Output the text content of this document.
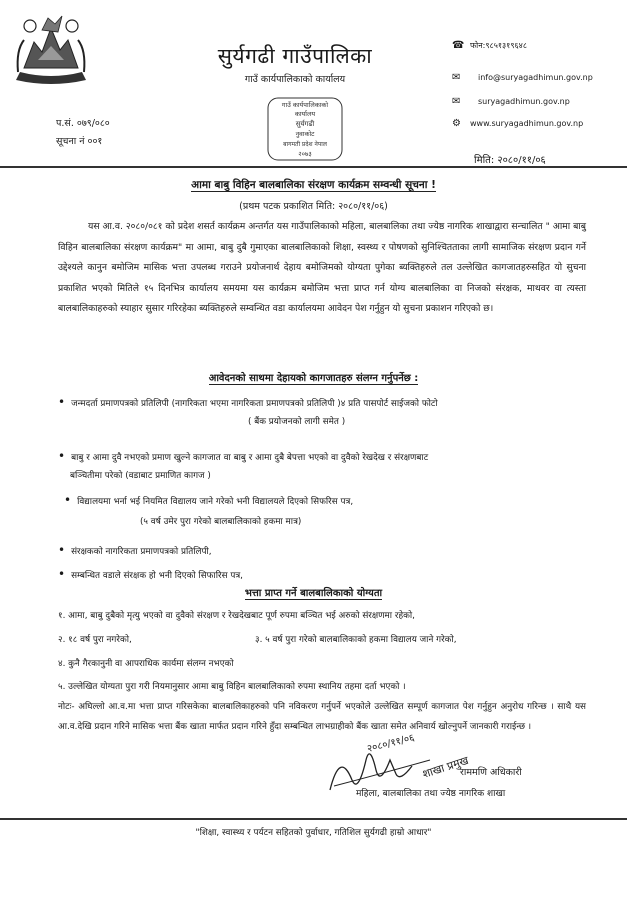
सुर्यगढी गाउँपालिका
गाउँ कार्यपालिकाको कार्यालय
☎ फोन:९८५१३१९६४८
✉ info@suryagadhimun.gov.np
✉ suryagadhimun.gov.np
⚙ www.suryagadhimun.gov.np
प.सं. ०७९/०८०
सूचना नं ००१
गाउँ कार्यपालिकाको
कार्यालय
सुर्यगढी
नुवाकोट
बागमती प्रदेश नेपाल
२०७३
मिति: २०८०/११/०६
आमा बाबु विहिन बालबालिका संरक्षण कार्यक्रम सम्वन्धी सूचना !
(प्रथम पटक प्रकाशित मिति: २०८०/११/०६)

यस आ.व. २०८०/०८१ को प्रदेश शसर्त कार्यक्रम अन्तर्गत यस गाउँपालिकाको महिला, बालबालिका तथा ज्येष्ठ नागरिक शाखाद्वारा सन्चालित " आमा बाबु विहिन बालबालिका संरक्षण कार्यक्रम" मा आमा, बाबु दुबै गुमाएका बालबालिकाको शिक्षा, स्वस्थ्य र पोषणको सुनिश्चितताका लागी सामाजिक संरक्षण प्रदान गर्ने उद्देश्यले कानुन बमोजिम मासिक भत्ता उपलब्ध गराउने प्रयोजनार्थ देहाय बमोजिमको योग्यता पुगेका ब्यक्तिहरुले तल उल्लेखित कागजातहरुसहित यो सुचना प्रकाशित भएको मितिले १५ दिनभित्र कार्यालय समयमा यस कार्यक्रम बमोजिम भत्ता प्राप्त गर्न योग्य बालबालिका वा निजको संरक्षक, माथवर वा त्यस्ता बालबालिकाहरुको स्याहार सुसार गरिरहेका ब्यक्तिहरुले सम्वन्धित वडा कार्यालयमा आवेदन पेश गर्नुहुन यो सुचना प्रकाशन गरिएको छ।

आवेदनको साथमा देहायको कागजातहरु संलग्न गर्नुपर्नेछ :
• जन्मदर्ता प्रमाणपत्रको प्रतिलिपी (नागरिकता भएमा नागरिकता प्रमाणपत्रको प्रतिलिपी )४ प्रति पासपोर्ट साईजको फोटो
( बैंक प्रयोजनको लागी समेत )
• बाबु र आमा दुवै नभएको प्रमाण खुल्ने कागजात वा बाबु र आमा दुबै बेपत्ता भएको वा दुवैको रेखदेख र संरक्षणबाट
बञ्चितीमा परेको (वडाबाट प्रमाणित कागज )
• विद्यालयमा भर्ना भई नियमित विद्यालय जाने गरेको भनी विद्यालयले दिएको सिफरिस पत्र,
(५ वर्ष उमेर पुरा गरेको बालबालिकाको हकमा मात्र)
• संरक्षकको नागरिकता प्रमाणपत्रको प्रतिलिपी,
• सम्बन्धित वडाले संरक्षक हो भनी दिएको सिफारिस पत्र,
भत्ता प्राप्त गर्ने बालबालिकाको योग्यता
१. आमा, बाबु दुबैको मृत्यु भएको वा दुवैको संरक्षण र रेखदेखबाट पूर्ण रुपमा बञ्चित भई अरुको संरक्षणमा रहेको,
२. १८ वर्ष पुरा नगरेको,	३. ५ वर्ष पुरा गरेको बालबालिकाको हकमा विद्यालय जाने गरेको,
४. कुनै गैरकानुनी वा आपराधिक कार्यमा संलग्न नभएको
५. उल्लेखित योग्यता पुरा गरी नियमानुसार आमा बाबु विहिन बालबालिकाको रुपमा स्थानिय तहमा दर्ता भएको ।
नोटः- अघिल्लो आ.व.मा भत्ता प्राप्त गरिसकेका बालबालिकाहरुको पनि नविकरण गर्नुपर्ने भएकोले उल्लेखित सम्पूर्ण कागजात पेश गर्नुहुन अनुरोध गरिन्छ । साथै यस आ.व.देखि प्रदान गरिने मासिक भत्ता बैंक खाता मार्फत प्रदान गरिने हुँदा सम्बन्धित लाभग्राहीको बैंक खाता समेत अनिवार्य खोल्नुपर्ने जानकारी गराईन्छ ।
२०८०/११/०६
शाखा प्रमुख
राममणि अधिकारी
महिला, बालबालिका तथा ज्येष्ठ नागरिक शाखा
"शिक्षा, स्वास्थ्य र पर्यटन सहितको पुर्वाधार, गतिशिल सुर्यगढी हाम्रो आधार"
